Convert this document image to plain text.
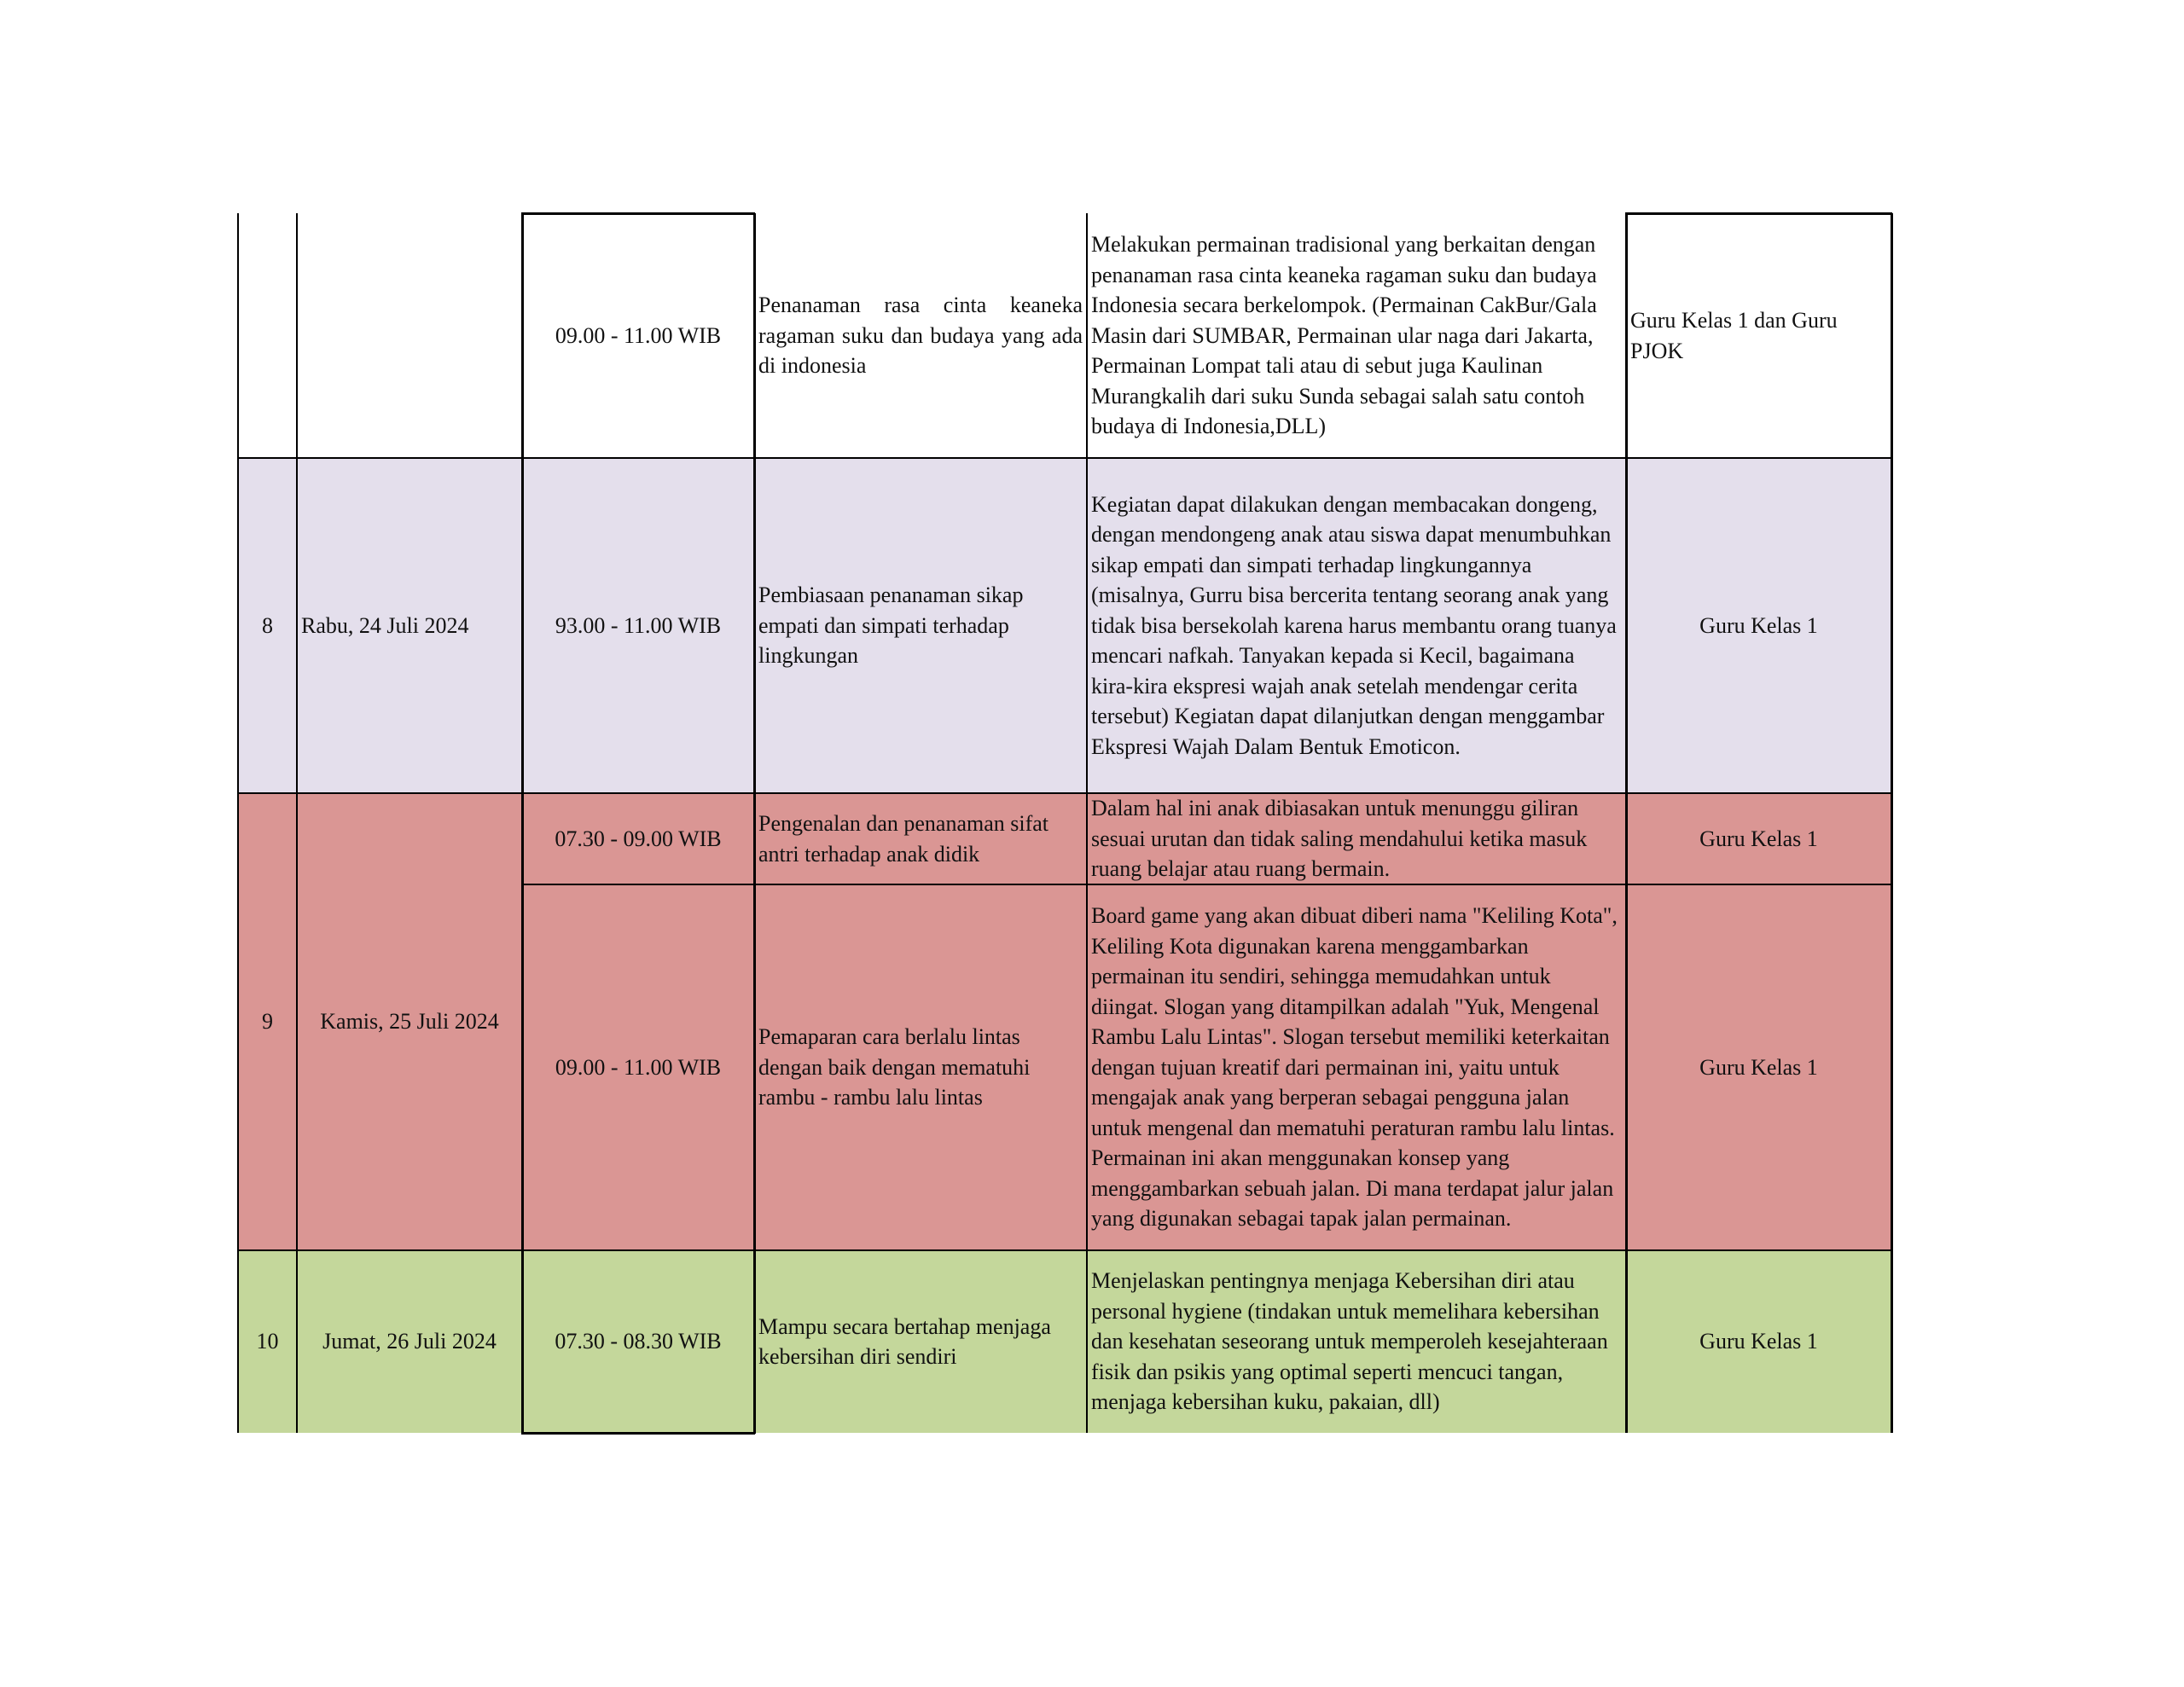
09.00 - 11.00 WIB
Penanaman rasa cinta keaneka ragaman suku dan budaya yang ada di indonesia
Melakukan permainan tradisional yang berkaitan dengan penanaman rasa cinta keaneka ragaman suku dan budaya Indonesia secara berkelompok. (Permainan CakBur/Gala Masin dari SUMBAR, Permainan ular naga dari Jakarta, Permainan Lompat tali atau di sebut juga Kaulinan Murangkalih dari suku Sunda sebagai salah satu contoh budaya di Indonesia,DLL)
Guru Kelas 1 dan Guru PJOK
8 Rabu, 24 Juli 2024	93.00 - 11.00 WIB
Pembiasaan penanaman sikap empati dan simpati terhadap lingkungan
Kegiatan dapat dilakukan dengan membacakan dongeng, dengan mendongeng anak atau siswa dapat menumbuhkan sikap empati dan simpati terhadap lingkungannya (misalnya, Gurru bisa bercerita tentang seorang anak yang tidak bisa bersekolah karena harus membantu orang tuanya mencari nafkah. Tanyakan kepada si Kecil, bagaimana kira-kira ekspresi wajah anak setelah mendengar cerita tersebut) Kegiatan dapat dilanjutkan dengan menggambar Ekspresi Wajah Dalam Bentuk Emoticon.
Guru Kelas 1
9 Kamis, 25 Juli 2024
07.30 - 09.00 WIB
Pengenalan dan penanaman sifat antri terhadap anak didik
Dalam hal ini anak dibiasakan untuk menunggu giliran sesuai urutan dan tidak saling mendahului ketika masuk ruang belajar atau ruang bermain.
Guru Kelas 1
09.00 - 11.00 WIB
Pemaparan cara berlalu lintas dengan baik dengan mematuhi rambu - rambu lalu lintas
Board game yang akan dibuat diberi nama "Keliling Kota", Keliling Kota digunakan karena menggambarkan permainan itu sendiri, sehingga memudahkan untuk diingat. Slogan yang ditampilkan adalah "Yuk, Mengenal Rambu Lalu Lintas". Slogan tersebut memiliki keterkaitan dengan tujuan kreatif dari permainan ini, yaitu untuk mengajak anak yang berperan sebagai pengguna jalan untuk mengenal dan mematuhi peraturan rambu lalu lintas. Permainan ini akan menggunakan konsep yang menggambarkan sebuah jalan. Di mana terdapat jalur jalan yang digunakan sebagai tapak jalan permainan.
Guru Kelas 1
10 Jumat, 26 Juli 2024	07.30 - 08.30 WIB
Mampu secara bertahap menjaga kebersihan diri sendiri
Menjelaskan pentingnya menjaga Kebersihan diri atau personal hygiene (tindakan untuk memelihara kebersihan dan kesehatan seseorang untuk memperoleh kesejahteraan fisik dan psikis yang optimal seperti mencuci tangan, menjaga kebersihan kuku, pakaian, dll)
Guru Kelas 1
